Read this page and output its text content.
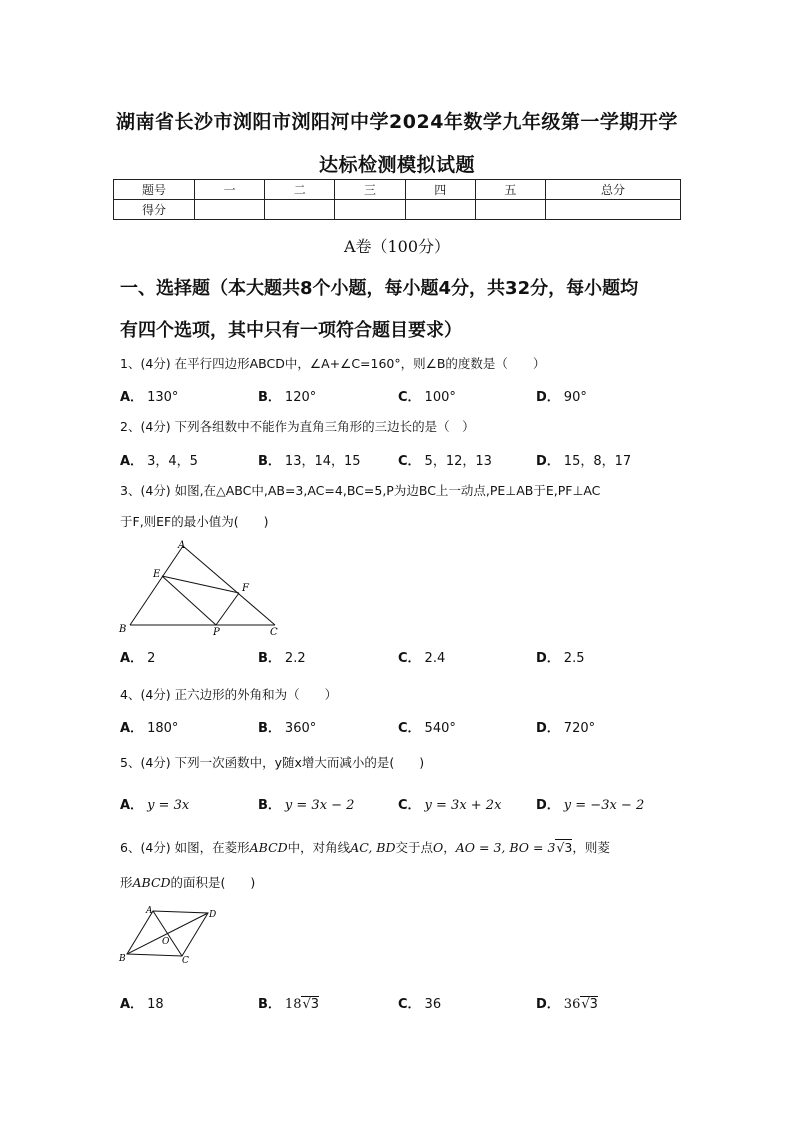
湖南省长沙市浏阳市浏阳河中学2024年数学九年级第一学期开学
达标检测模拟试题
题号	一	二	三	四	五	总分
得分						
A卷（100分）
一、选择题（本大题共8个小题，每小题4分，共32分，每小题均
有四个选项，其中只有一项符合题目要求）
1、(4分) 在平行四边形ABCD中，∠A+∠C=160°，则∠B的度数是（　　）
A． 130°	B． 120°	C． 100°	D． 90°
2、(4分) 下列各组数中不能作为直角三角形的三边长的是（　）
A． 3，4，5	B． 13，14，15	C． 5，12，13	D． 15，8，17
3、(4分) 如图,在△ABC中,AB=3,AC=4,BC=5,P为边BC上一动点,PE⊥AB于E,PF⊥AC
于F,则EF的最小值为(　　)
A
E
F
B	P	C
A． 2	B． 2.2	C． 2.4	D． 2.5
4、(4分) 正六边形的外角和为（　　）
A． 180°	B． 360°	C． 540°	D． 720°
5、(4分) 下列一次函数中，y随x增大而减小的是(　　)
A． y = 3x	B． y = 3x − 2	C． y = 3x + 2x	D． y = −3x − 2
6、(4分) 如图，在菱形ABCD中，对角线AC, BD交于点O，AO = 3, BO = 3√3，则菱
形ABCD的面积是(　　)
A	D
O
B	C
A． 18	B． 18√3	C． 36	D． 36√3
